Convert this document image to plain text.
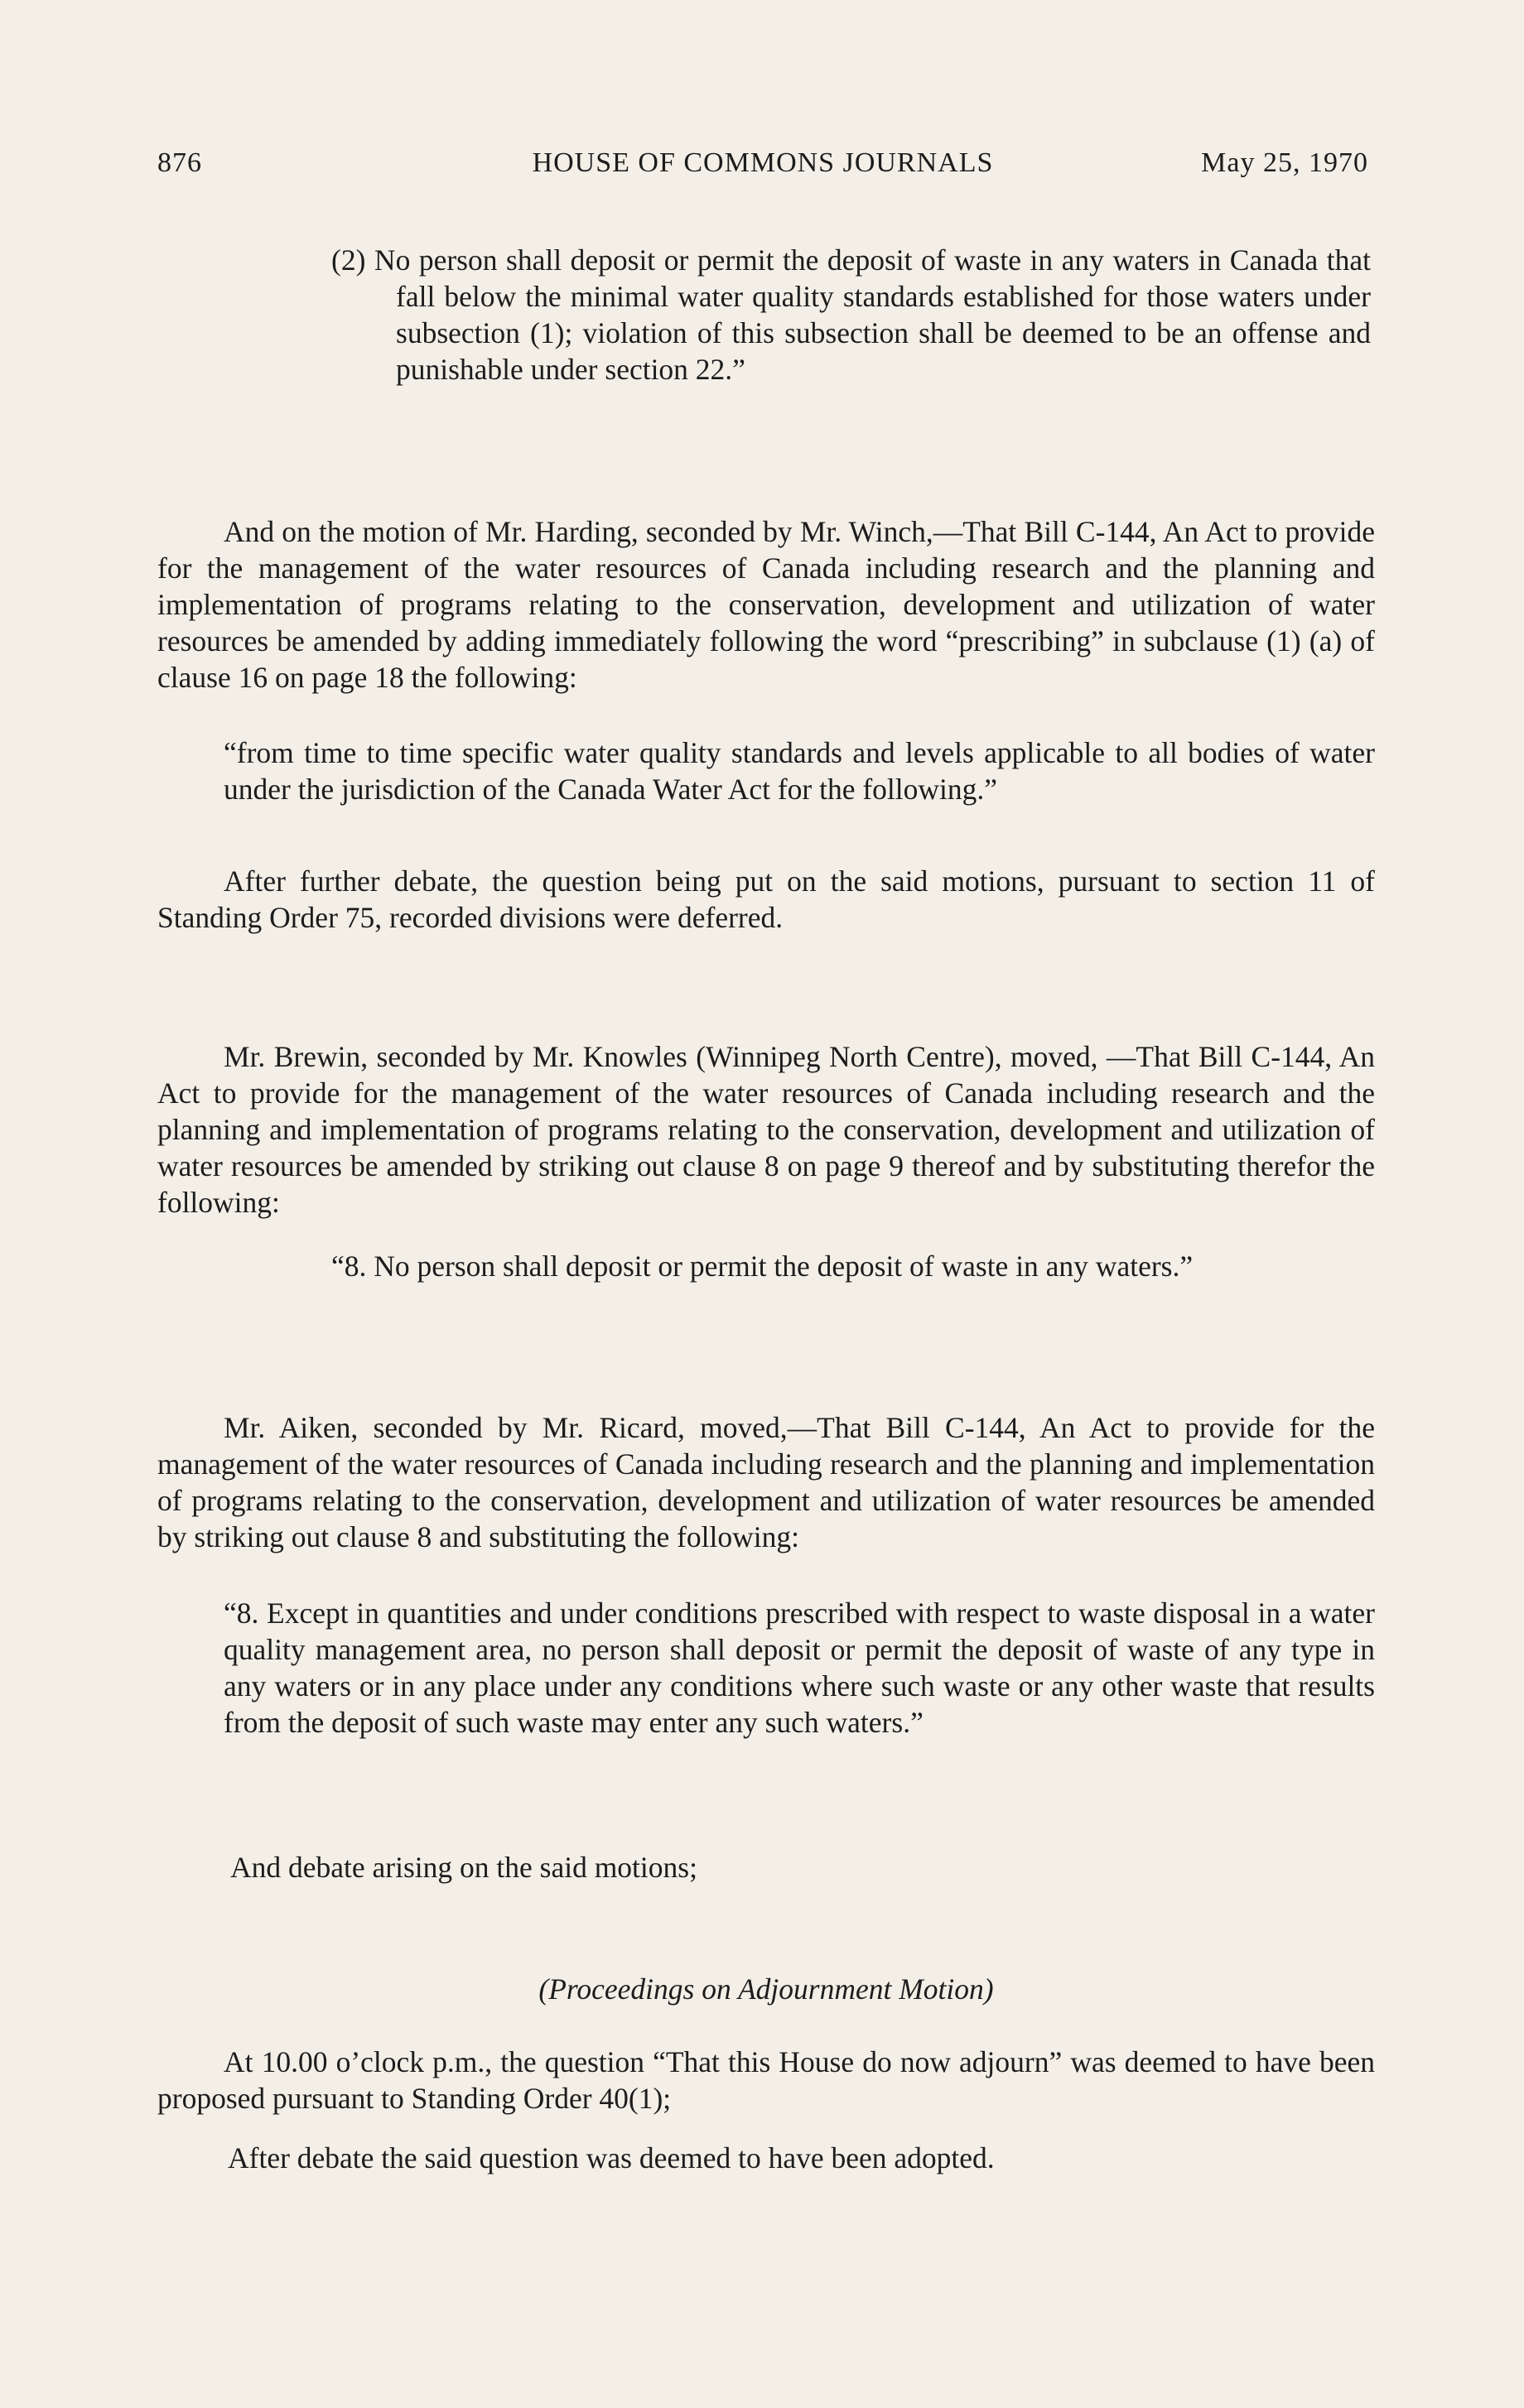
876	HOUSE OF COMMONS JOURNALS	May 25, 1970

(2) No person shall deposit or permit the deposit of waste in any waters in Canada that fall below the minimal water quality standards established for those waters under subsection (1); violation of this subsection shall be deemed to be an offense and punishable under section 22.”

And on the motion of Mr. Harding, seconded by Mr. Winch,—That Bill C-144, An Act to provide for the management of the water resources of Canada including research and the planning and implementation of programs relating to the conservation, development and utilization of water resources be amended by adding immediately following the word “prescribing” in subclause (1) (a) of clause 16 on page 18 the following:

“from time to time specific water quality standards and levels applicable to all bodies of water under the jurisdiction of the Canada Water Act for the following.”

After further debate, the question being put on the said motions, pursuant to section 11 of Standing Order 75, recorded divisions were deferred.

Mr. Brewin, seconded by Mr. Knowles (Winnipeg North Centre), moved, —That Bill C-144, An Act to provide for the management of the water resources of Canada including research and the planning and implementation of programs relating to the conservation, development and utilization of water resources be amended by striking out clause 8 on page 9 thereof and by substituting therefor the following:

“8. No person shall deposit or permit the deposit of waste in any waters.”

Mr. Aiken, seconded by Mr. Ricard, moved,—That Bill C-144, An Act to provide for the management of the water resources of Canada including research and the planning and implementation of programs relating to the conservation, development and utilization of water resources be amended by striking out clause 8 and substituting the following:

“8. Except in quantities and under conditions prescribed with respect to waste disposal in a water quality management area, no person shall deposit or permit the deposit of waste of any type in any waters or in any place under any conditions where such waste or any other waste that results from the deposit of such waste may enter any such waters.”

And debate arising on the said motions;

(Proceedings on Adjournment Motion)

At 10.00 o’clock p.m., the question “That this House do now adjourn” was deemed to have been proposed pursuant to Standing Order 40(1);

After debate the said question was deemed to have been adopted.
